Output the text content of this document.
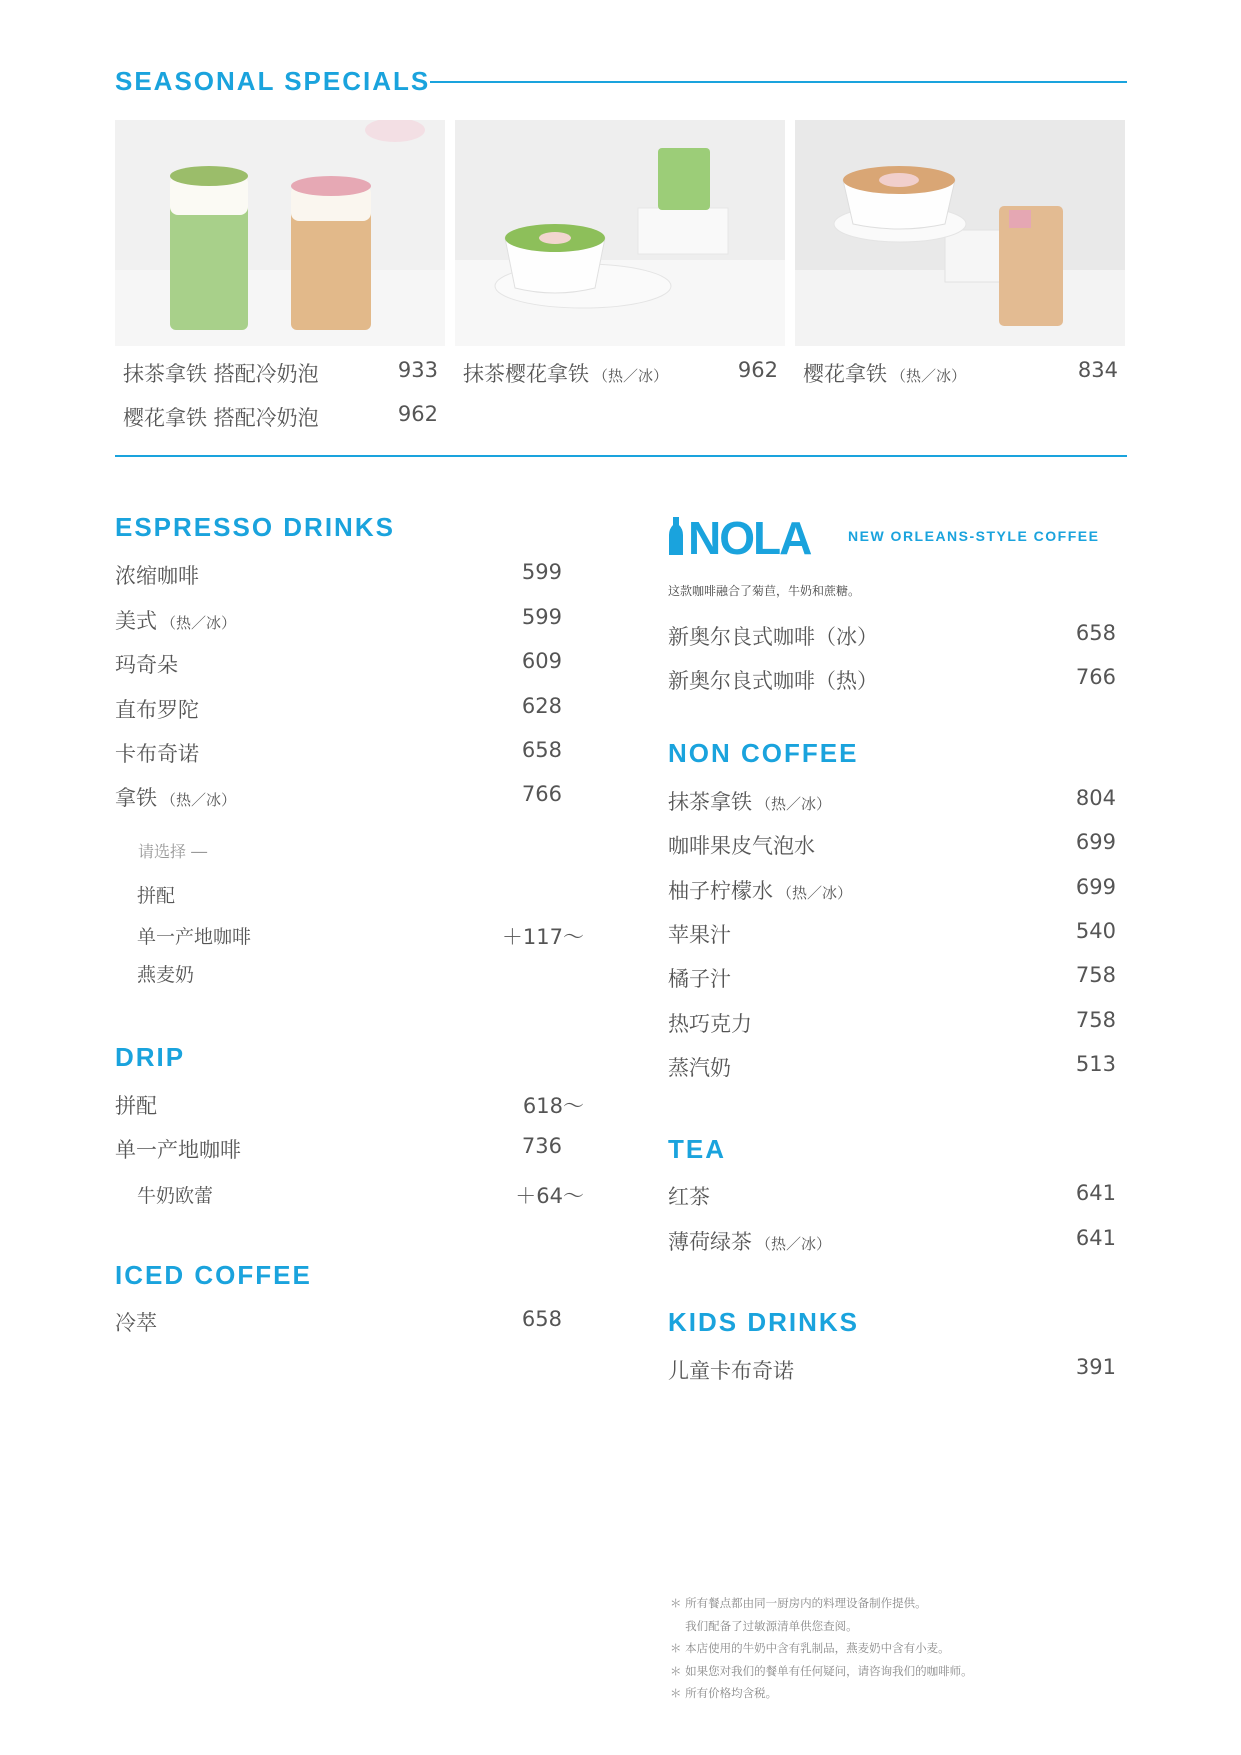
SEASONAL SPECIALS
抹茶拿铁 搭配冷奶泡	933
樱花拿铁 搭配冷奶泡	962
抹茶樱花拿铁 （热／冰）	962 樱花拿铁 （热／冰）	834
ESPRESSO DRINKS
浓缩咖啡	599
美式 （热／冰）	599
玛奇朵	609
直布罗陀	628
卡布奇诺	658
拿铁 （热／冰）	766
请选择 ―
拼配
单一产地咖啡	＋117〜
燕麦奶
DRIP
拼配	618〜
单一产地咖啡	736
牛奶欧蕾	＋64〜
ICED COFFEE
冷萃	658
NOLA	NEW ORLEANS-STYLE COFFEE
这款咖啡融合了菊苣，牛奶和蔗糖。
新奥尔良式咖啡（冰）	658
新奥尔良式咖啡（热）	766
NON COFFEE
抹茶拿铁 （热／冰）	804
咖啡果皮气泡水	699
柚子柠檬水 （热／冰）	699
苹果汁	540
橘子汁	758
热巧克力	758
蒸汽奶	513
TEA
红茶	641
薄荷绿茶 （热／冰）	641
KIDS DRINKS
儿童卡布奇诺	391
＊ 所有餐点都由同一厨房内的料理设备制作提供。
　 我们配备了过敏源清单供您查阅。
＊ 本店使用的牛奶中含有乳制品，燕麦奶中含有小麦。
＊ 如果您对我们的餐单有任何疑问，请咨询我们的咖啡师。
＊ 所有价格均含税。
